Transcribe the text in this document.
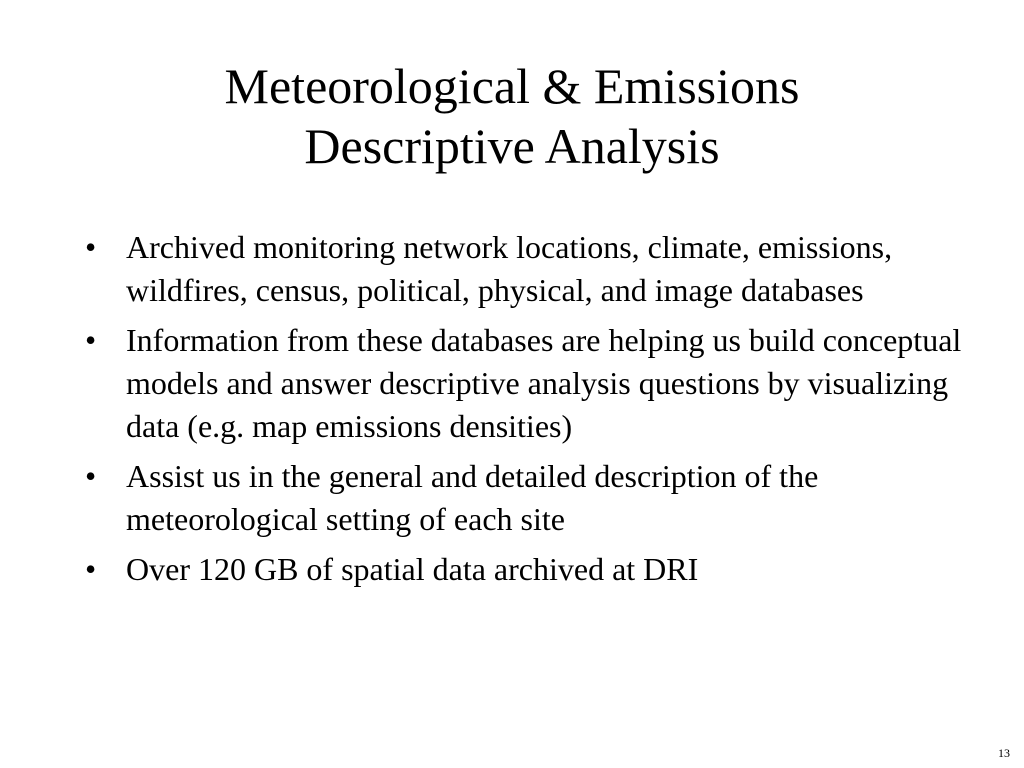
Meteorological & Emissions
Descriptive Analysis
• Archived monitoring network locations, climate, emissions, wildfires, census, political, physical, and image databases
• Information from these databases are helping us build conceptual models and answer descriptive analysis questions by visualizing data (e.g. map emissions densities)
• Assist us in the general and detailed description of the meteorological setting of each site
• Over 120 GB of spatial data archived at DRI
13
